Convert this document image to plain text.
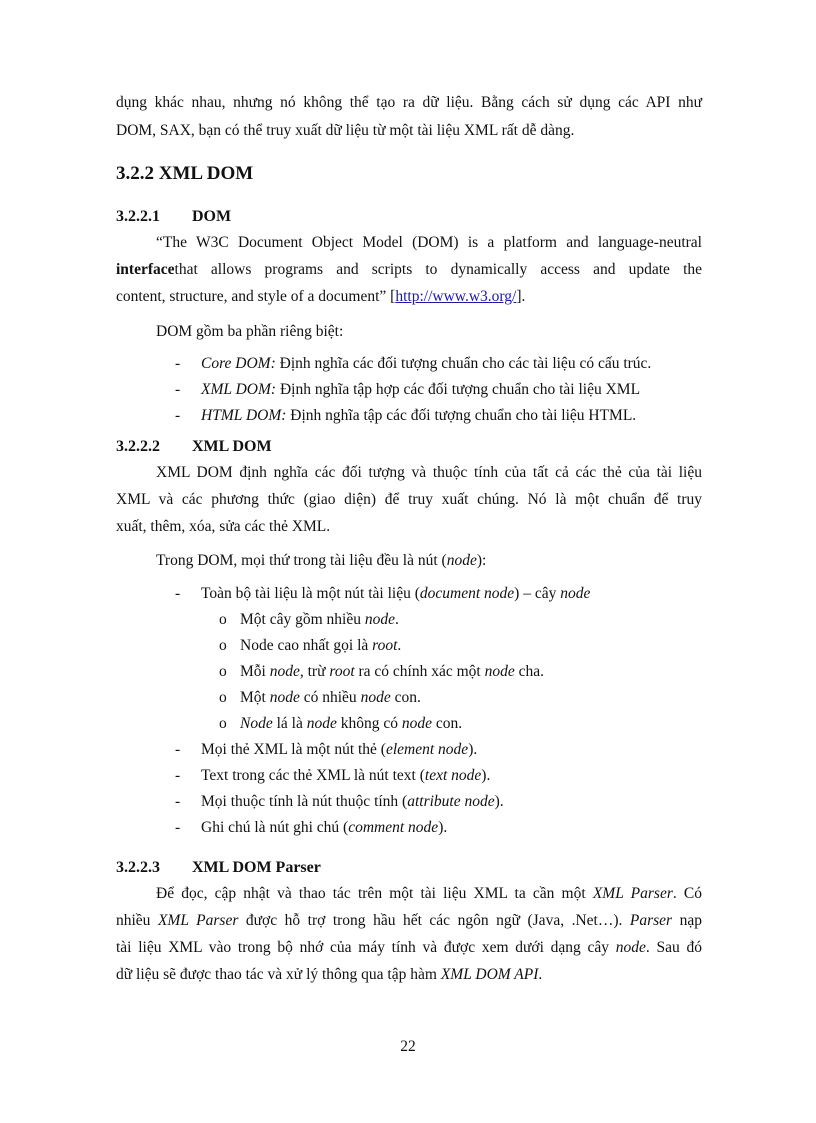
dụng khác nhau, nhưng nó không thể tạo ra dữ liệu. Bằng cách sử dụng các API như
DOM, SAX, bạn có thể truy xuất dữ liệu từ một tài liệu XML rất dễ dàng.
3.2.2 XML DOM
3.2.2.1 DOM
“The W3C Document Object Model (DOM) is a platform and language-neutral
interfacethat allows programs and scripts to dynamically access and update the
content, structure, and style of a document” [http://www.w3.org/].
DOM gồm ba phần riêng biệt:
- Core DOM: Định nghĩa các đối tượng chuẩn cho các tài liệu có cấu trúc.
- XML DOM: Định nghĩa tập hợp các đối tượng chuẩn cho tài liệu XML
- HTML DOM: Định nghĩa tập các đối tượng chuẩn cho tài liệu HTML.
3.2.2.2 XML DOM
XML DOM định nghĩa các đối tượng và thuộc tính của tất cả các thẻ của tài liệu
XML và các phương thức (giao diện) để truy xuất chúng. Nó là một chuẩn để truy
xuất, thêm, xóa, sửa các thẻ XML.
Trong DOM, mọi thứ trong tài liệu đều là nút (node):
- Toàn bộ tài liệu là một nút tài liệu (document node) – cây node
o Một cây gồm nhiều node.
o Node cao nhất gọi là root.
o Mỗi node, trừ root ra có chính xác một node cha.
o Một node có nhiều node con.
o Node lá là node không có node con.
- Mọi thẻ XML là một nút thẻ (element node).
- Text trong các thẻ XML là nút text (text node).
- Mọi thuộc tính là nút thuộc tính (attribute node).
- Ghi chú là nút ghi chú (comment node).
3.2.2.3 XML DOM Parser
Để đọc, cập nhật và thao tác trên một tài liệu XML ta cần một XML Parser. Có
nhiều XML Parser được hỗ trợ trong hầu hết các ngôn ngữ (Java, .Net…). Parser nạp
tài liệu XML vào trong bộ nhớ của máy tính và được xem dưới dạng cây node. Sau đó
dữ liệu sẽ được thao tác và xử lý thông qua tập hàm XML DOM API.
22
